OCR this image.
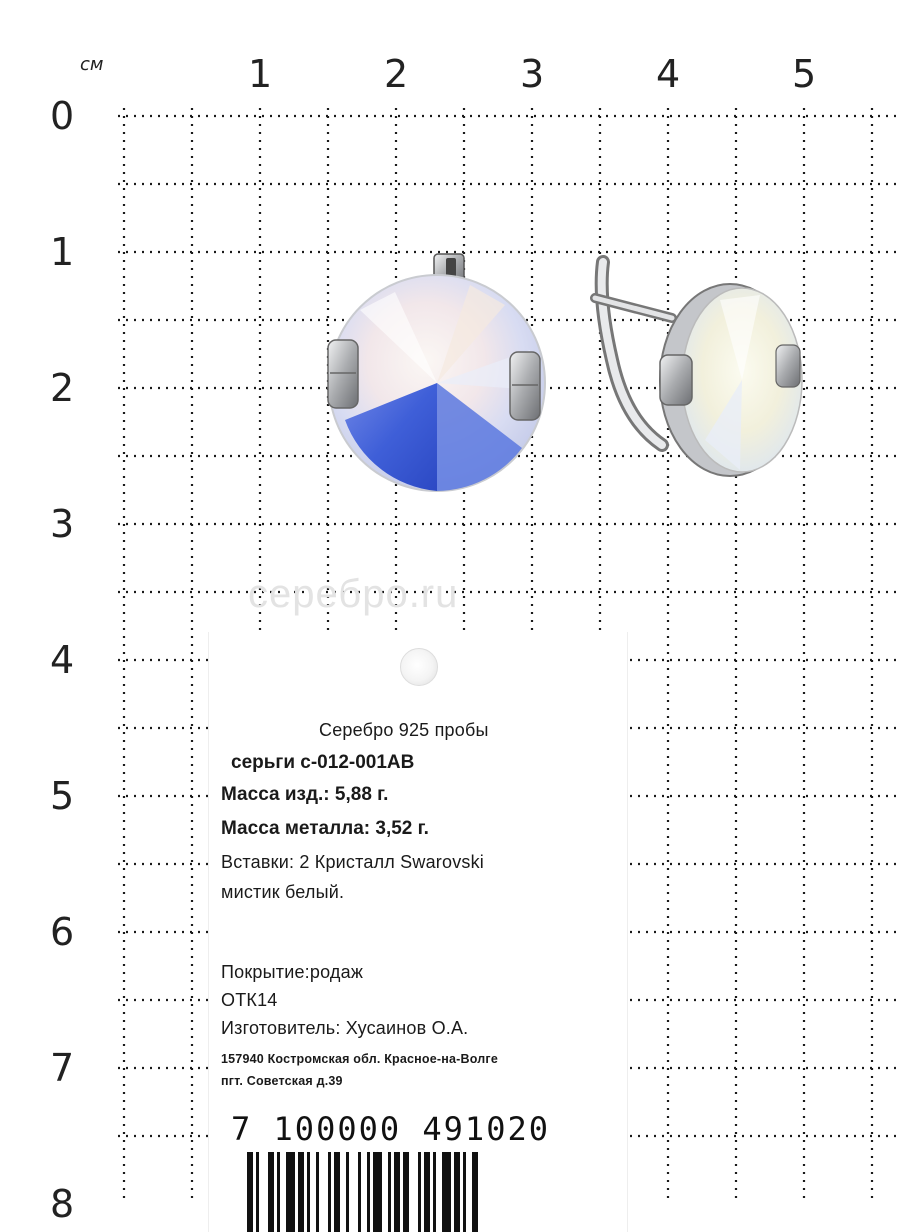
см	1	2	3	4	5
0
1
2
3
4
5
6
7
8
серебро.ru
Серебро 925 пробы
серьги с-012-001АВ
Масса изд.: 5,88 г.
Масса металла: 3,52 г.
Вставки: 2 Кристалл Swarovski
мистик белый.
Покрытие:родаж
ОТК14
Изготовитель: Хусаинов О.А.
157940 Костромская обл. Красное-на-Волге
пгт. Советская д.39
7 100000 491020
